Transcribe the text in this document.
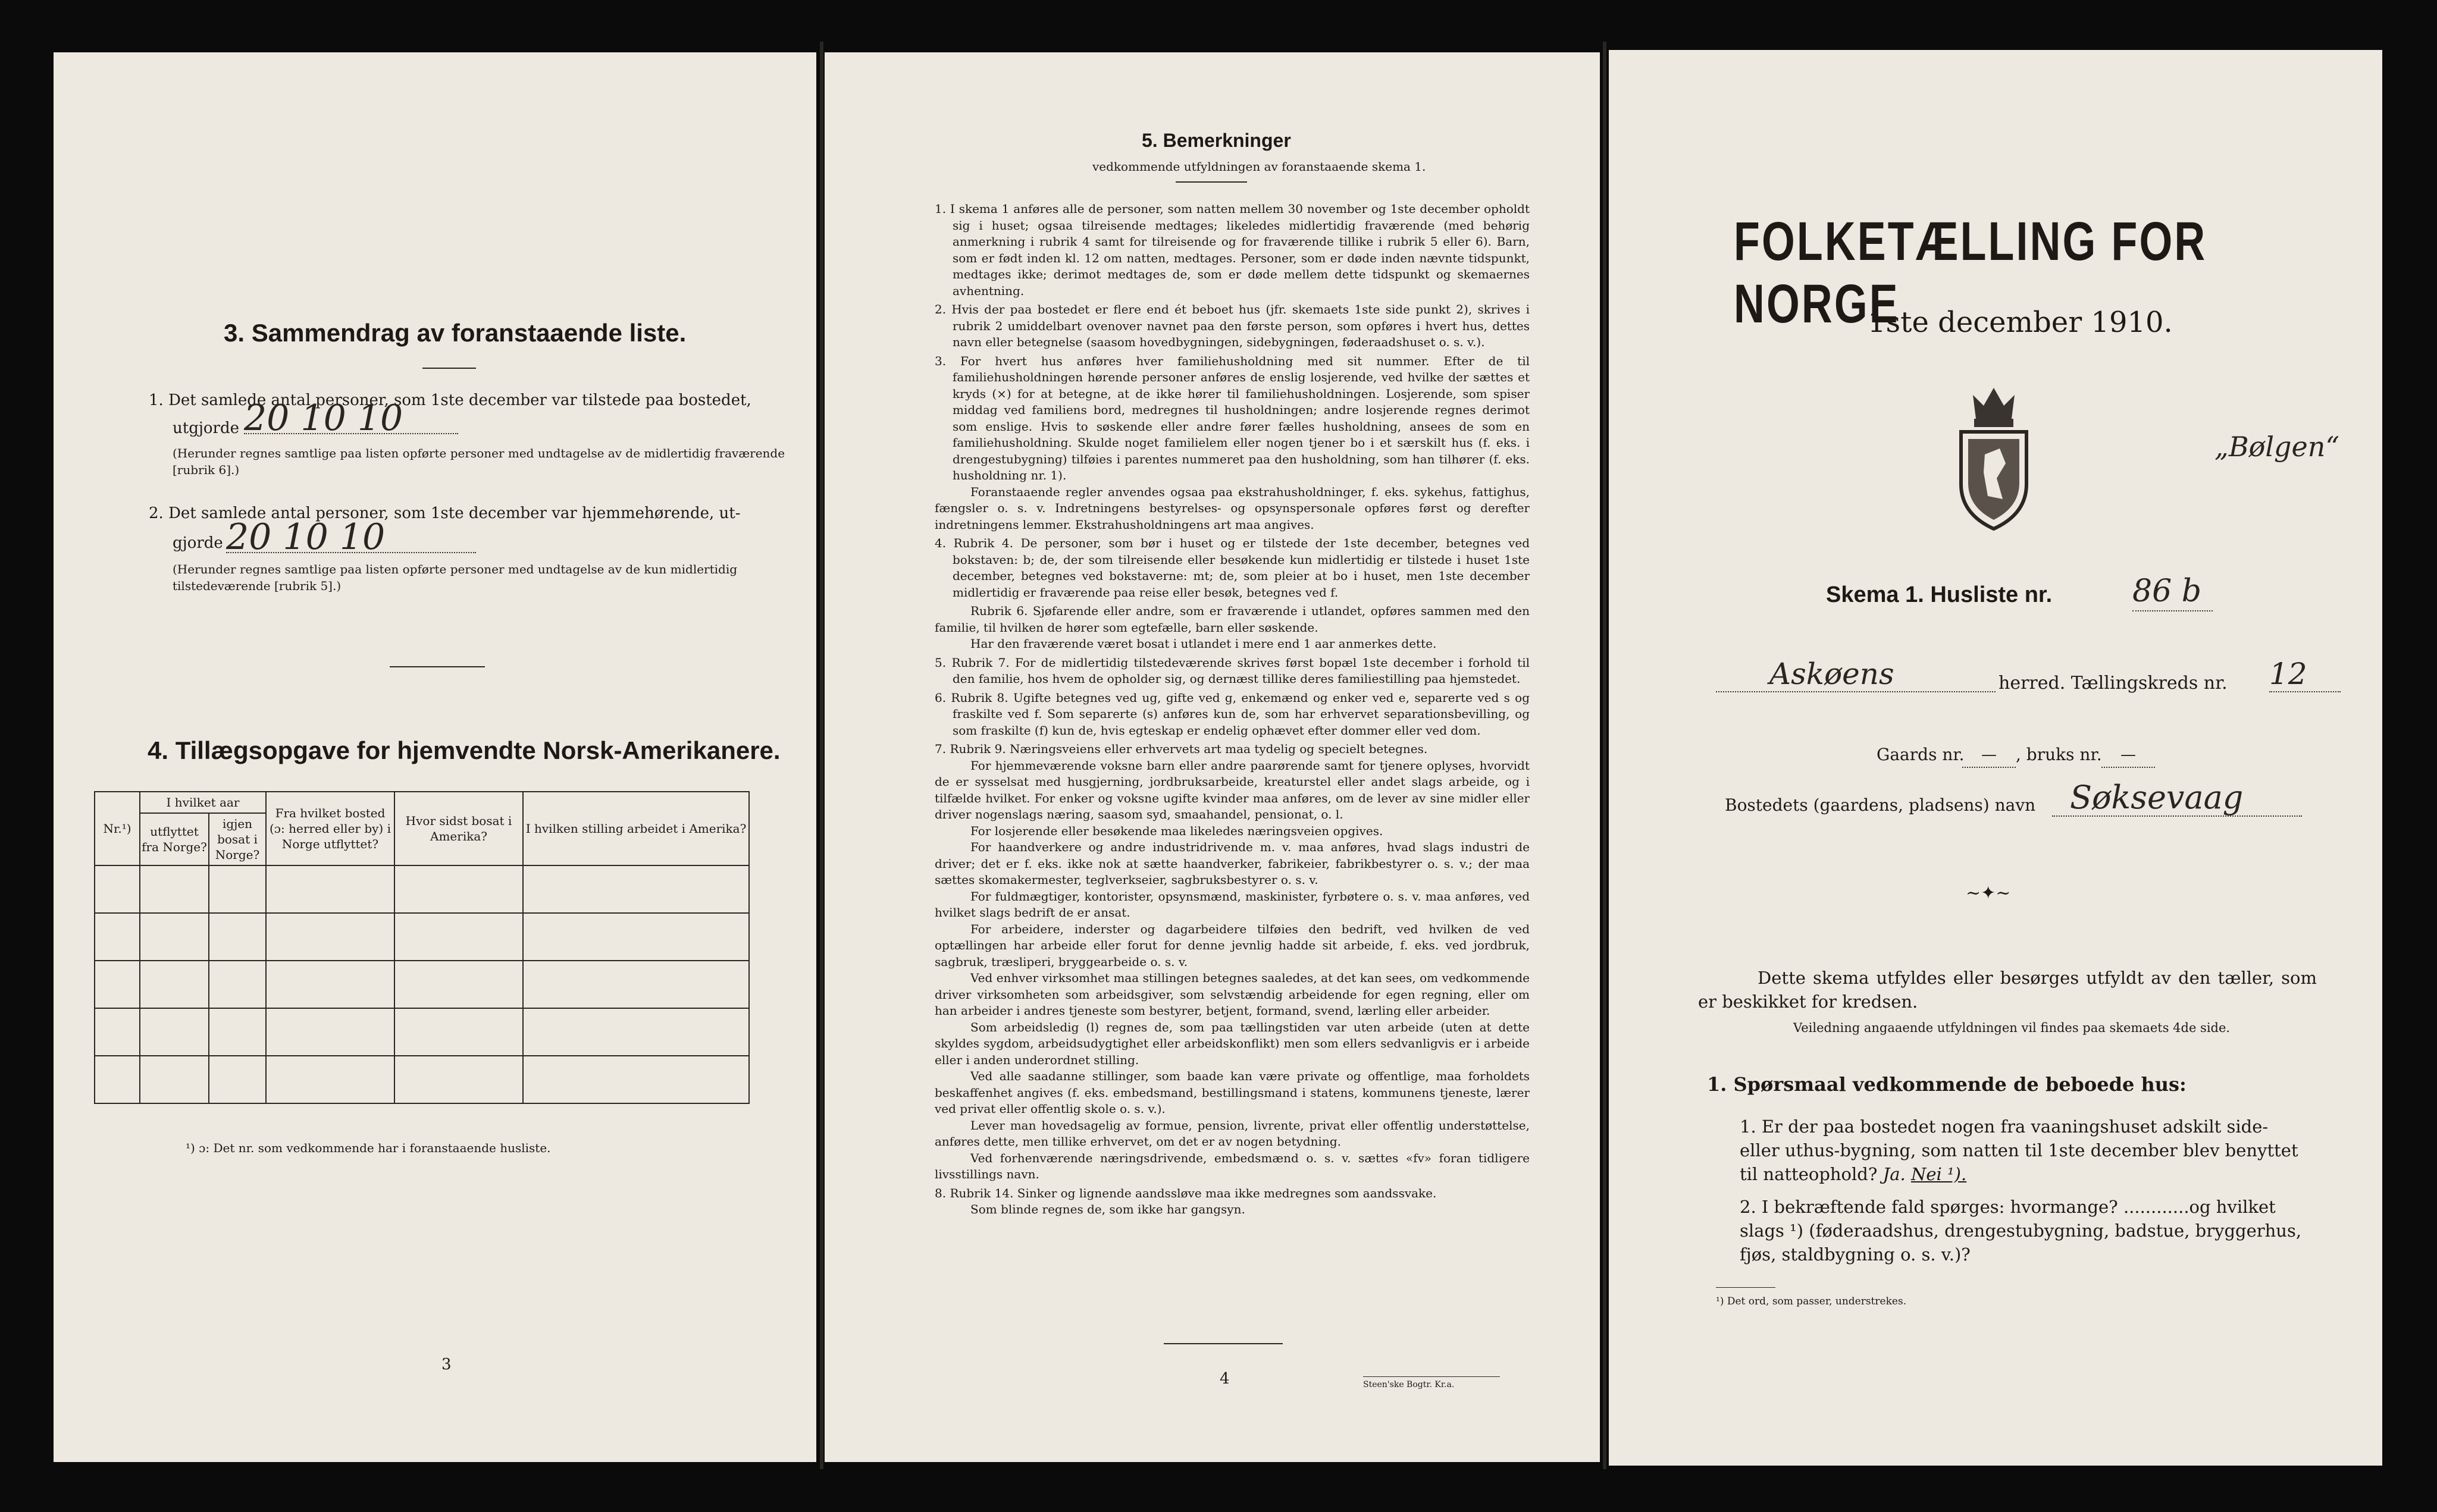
3. Sammendrag av foranstaaende liste.
1. Det samlede antal personer, som 1ste december var tilstede paa bostedet,
utgjorde 20 10 10
(Herunder regnes samtlige paa listen opførte personer med undtagelse av de midlertidig fraværende [rubrik 6].)
2. Det samlede antal personer, som 1ste december var hjemmehørende, ut-
gjorde 20 10 10
(Herunder regnes samtlige paa listen opførte personer med undtagelse av de kun midlertidig tilstedeværende [rubrik 5].)
4. Tillægsopgave for hjemvendte Norsk-Amerikanere.
Nr.¹)	I hvilket aar		Fra hvilket bosted (ɔ: herred eller by) i Norge utflyttet?	Hvor sidst bosat i Amerika?	I hvilken stilling arbeidet i Amerika?
	utflyttet fra Norge?	igjen bosat i Norge?			

¹) ɔ: Det nr. som vedkommende har i foranstaaende husliste.
3
5. Bemerkninger
vedkommende utfyldningen av foranstaaende skema 1.

1. I skema 1 anføres alle de personer, som natten mellem 30 november og 1ste december opholdt sig i huset; ogsaa tilreisende medtages; likeledes midlertidig fraværende (med behørig anmerkning i rubrik 4 samt for tilreisende og for fraværende tillike i rubrik 5 eller 6). Barn, som er født inden kl. 12 om natten, medtages. Personer, som er døde inden nævnte tidspunkt, medtages ikke; derimot medtages de, som er døde mellem dette tidspunkt og skemaernes avhentning.

2. Hvis der paa bostedet er flere end ét beboet hus (jfr. skemaets 1ste side punkt 2), skrives i rubrik 2 umiddelbart ovenover navnet paa den første person, som opføres i hvert hus, dettes navn eller betegnelse (saasom hovedbygningen, sidebygningen, føderaadshuset o. s. v.).

3. For hvert hus anføres hver familiehusholdning med sit nummer. Efter de til familiehusholdningen hørende personer anføres de enslig losjerende, ved hvilke der sættes et kryds (×) for at betegne, at de ikke hører til familiehusholdningen. Losjerende, som spiser middag ved familiens bord, medregnes til husholdningen; andre losjerende regnes derimot som enslige. Hvis to søskende eller andre fører fælles husholdning, ansees de som en familiehusholdning. Skulde noget familielem eller nogen tjener bo i et særskilt hus (f. eks. i drengestubygning) tilføies i parentes nummeret paa den husholdning, som han tilhører (f. eks. husholdning nr. 1).

Foranstaaende regler anvendes ogsaa paa ekstrahusholdninger, f. eks. sykehus, fattighus, fængsler o. s. v. Indretningens bestyrelses- og opsynspersonale opføres først og derefter indretningens lemmer. Ekstrahusholdningens art maa angives.

4. Rubrik 4. De personer, som bør i huset og er tilstede der 1ste december, betegnes ved bokstaven: b; de, der som tilreisende eller besøkende kun midlertidig er tilstede i huset 1ste december, betegnes ved bokstaverne: mt; de, som pleier at bo i huset, men 1ste december midlertidig er fraværende paa reise eller besøk, betegnes ved f.

Rubrik 6. Sjøfarende eller andre, som er fraværende i utlandet, opføres sammen med den familie, til hvilken de hører som egtefælle, barn eller søskende.

Har den fraværende været bosat i utlandet i mere end 1 aar anmerkes dette.

5. Rubrik 7. For de midlertidig tilstedeværende skrives først bopæl 1ste december i forhold til den familie, hos hvem de opholder sig, og dernæst tillike deres familiestilling paa hjemstedet.

6. Rubrik 8. Ugifte betegnes ved ug, gifte ved g, enkemænd og enker ved e, separerte ved s og fraskilte ved f. Som separerte (s) anføres kun de, som har erhvervet separationsbevilling, og som fraskilte (f) kun de, hvis egteskap er endelig ophævet efter dommer eller ved dom.

7. Rubrik 9. Næringsveiens eller erhvervets art maa tydelig og specielt betegnes.

For hjemmeværende voksne barn eller andre paarørende samt for tjenere oplyses, hvorvidt de er sysselsat med husgjerning, jordbruksarbeide, kreaturstel eller andet slags arbeide, og i tilfælde hvilket. For enker og voksne ugifte kvinder maa anføres, om de lever av sine midler eller driver nogenslags næring, saasom syd, smaahandel, pensionat, o. l.

For losjerende eller besøkende maa likeledes næringsveien opgives.

For haandverkere og andre industridrivende m. v. maa anføres, hvad slags industri de driver; det er f. eks. ikke nok at sætte haandverker, fabrikeier, fabrikbestyrer o. s. v.; der maa sættes skomakermester, teglverkseier, sagbruksbestyrer o. s. v.

For fuldmægtiger, kontorister, opsynsmænd, maskinister, fyrbøtere o. s. v. maa anføres, ved hvilket slags bedrift de er ansat.

For arbeidere, inderster og dagarbeidere tilføies den bedrift, ved hvilken de ved optællingen har arbeide eller forut for denne jevnlig hadde sit arbeide, f. eks. ved jordbruk, sagbruk, træsliperi, bryggearbeide o. s. v.

Ved enhver virksomhet maa stillingen betegnes saaledes, at det kan sees, om vedkommende driver virksomheten som arbeidsgiver, som selvstændig arbeidende for egen regning, eller om han arbeider i andres tjeneste som bestyrer, betjent, formand, svend, lærling eller arbeider.

Som arbeidsledig (l) regnes de, som paa tællingstiden var uten arbeide (uten at dette skyldes sygdom, arbeidsudygtighet eller arbeidskonflikt) men som ellers sedvanligvis er i arbeide eller i anden underordnet stilling.

Ved alle saadanne stillinger, som baade kan være private og offentlige, maa forholdets beskaffenhet angives (f. eks. embedsmand, bestillingsmand i statens, kommunens tjeneste, lærer ved privat eller offentlig skole o. s. v.).

Lever man hovedsagelig av formue, pension, livrente, privat eller offentlig understøttelse, anføres dette, men tillike erhvervet, om det er av nogen betydning.

Ved forhenværende næringsdrivende, embedsmænd o. s. v. sættes «fv» foran tidligere livsstillings navn.

8. Rubrik 14. Sinker og lignende aandssløve maa ikke medregnes som aandssvake.

Som blinde regnes de, som ikke har gangsyn.

4	Steen'ske Bogtr. Kr.a.
FOLKETÆLLING FOR NORGE
1ste december 1910.
„Bølgen“
Skema 1. Husliste nr.	86 b
Askøens	herred. Tællingskreds nr. 12
Gaards nr.	—	, bruks nr.	—
Bostedets (gaardens, pladsens) navn	Søksevaag
~✦~
Dette skema utfyldes eller besørges utfyldt av den tæller, som er beskikket for kredsen.
Veiledning angaaende utfyldningen vil findes paa skemaets 4de side.
1. Spørsmaal vedkommende de beboede hus:
1. Er der paa bostedet nogen fra vaaningshuset adskilt side- eller uthus-bygning, som natten til 1ste december blev benyttet til natteophold? Ja. Nei ¹).
2. I bekræftende fald spørges: hvormange? ............og hvilket slags ¹) (føderaadshus, drengestubygning, badstue, bryggerhus, fjøs, staldbygning o. s. v.)?
¹) Det ord, som passer, understrekes.
